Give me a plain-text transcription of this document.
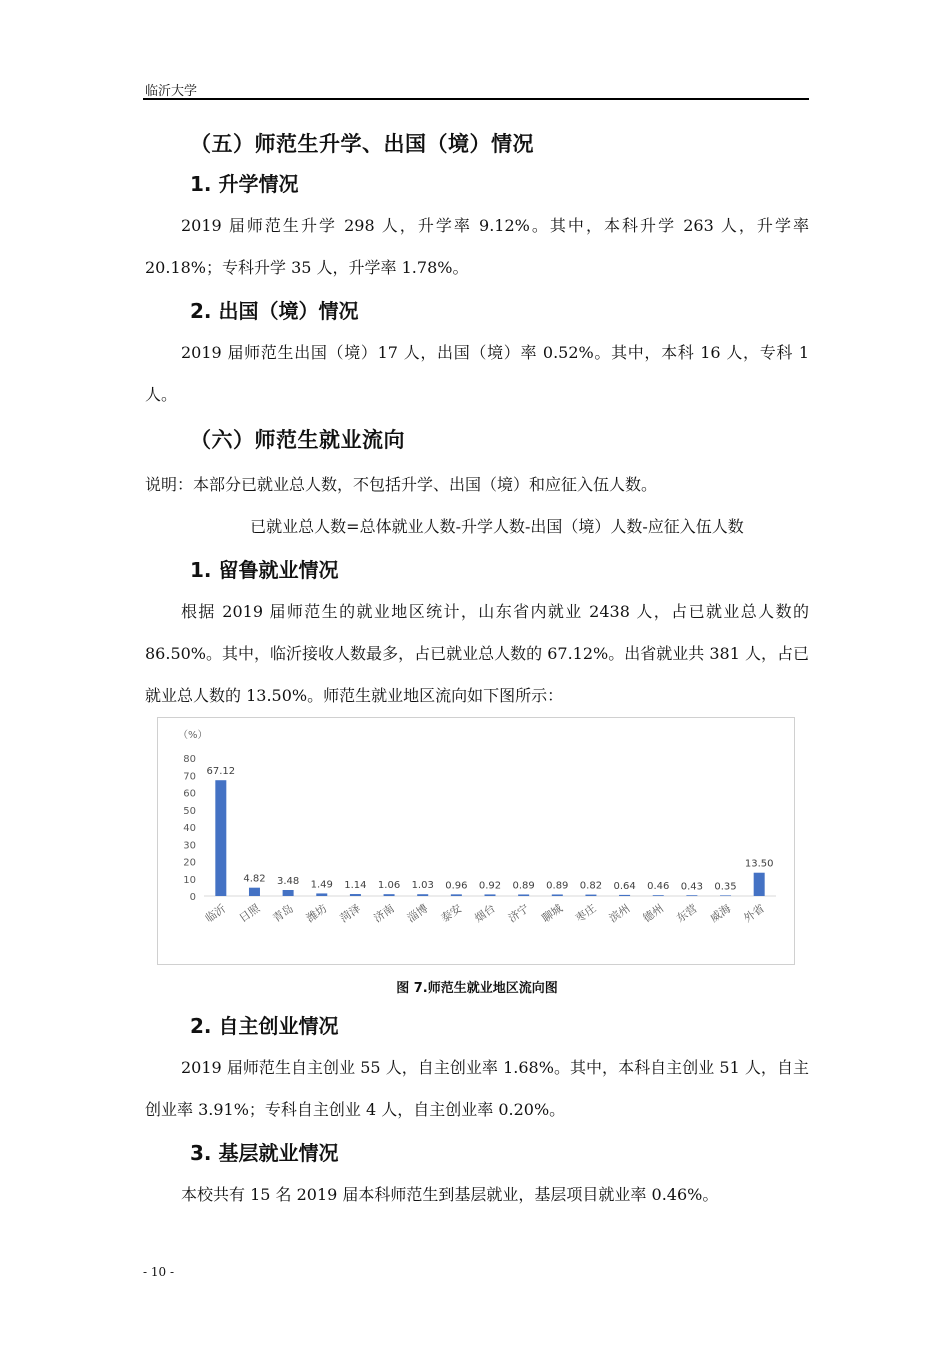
临沂大学
（五）师范生升学、出国（境）情况
1. 升学情况

2019 届师范生升学 298 人，升学率 9.12%。其中，本科升学 263 人，升学率 20.18%；专科升学 35 人，升学率 1.78%。

2. 出国（境）情况

2019 届师范生出国（境）17 人，出国（境）率 0.52%。其中，本科 16 人，专科 1 人。

（六）师范生就业流向

说明：本部分已就业总人数，不包括升学、出国（境）和应征入伍人数。

已就业总人数=总体就业人数-升学人数-出国（境）人数-应征入伍人数

1. 留鲁就业情况

根据 2019 届师范生的就业地区统计，山东省内就业 2438 人，占已就业总人数的 86.50%。其中，临沂接收人数最多，占已就业总人数的 67.12%。出省就业共 381 人，占已就业总人数的 13.50%。师范生就业地区流向如下图所示：

（%）
0
10
20
30
40
50
60
70
80
67.12
临沂
4.82
日照
3.48
青岛
1.49
潍坊
1.14
菏泽
1.06
济南
1.03
淄博
0.96
泰安
0.92
烟台
0.89
济宁
0.89
聊城
0.82
枣庄
0.64
滨州
0.46
德州
0.43
东营
0.35
威海
13.50
外省
图 7.师范生就业地区流向图
2. 自主创业情况

2019 届师范生自主创业 55 人，自主创业率 1.68%。其中，本科自主创业 51 人，自主创业率 3.91%；专科自主创业 4 人，自主创业率 0.20%。

3. 基层就业情况

本校共有 15 名 2019 届本科师范生到基层就业，基层项目就业率 0.46%。

- 10 -
